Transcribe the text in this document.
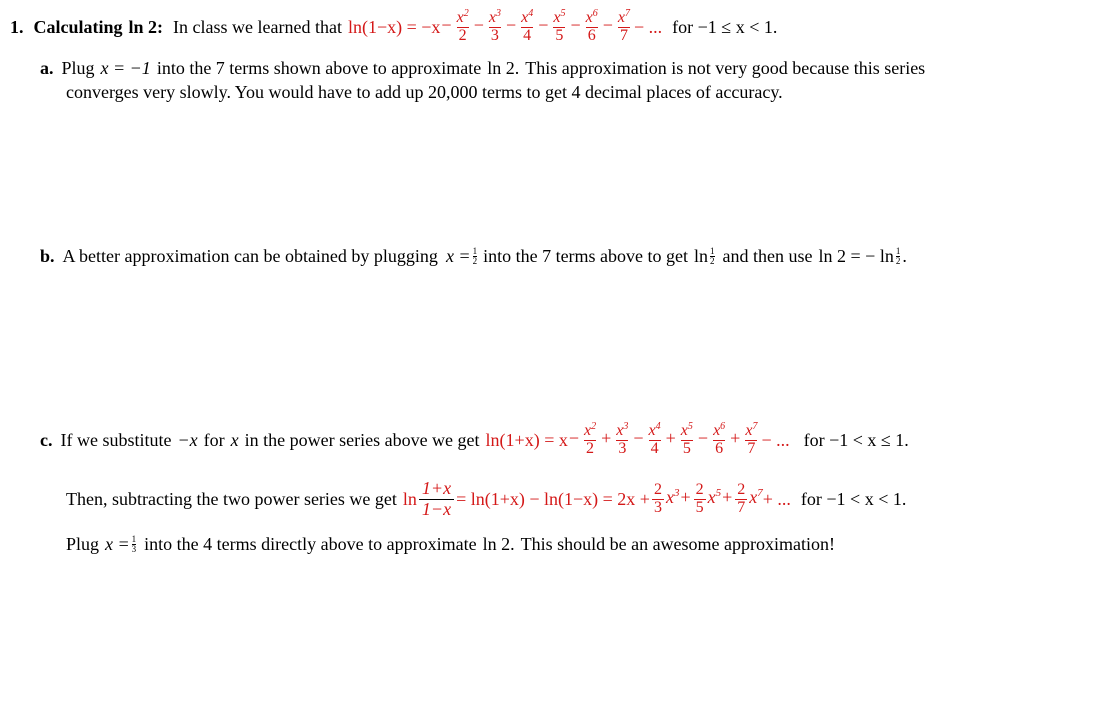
1. Calculating ln 2: In class we learned that $\ln(1-x) = -x - \frac{x^2}{2} - \frac{x^3}{3} - \frac{x^4}{4} - \frac{x^5}{5} - \frac{x^6}{6} - \frac{x^7}{7}$ − ... for −1 ≤ x < 1.
a. Plug x = −1 into the 7 terms shown above to approximate ln 2. This approximation is not very good because this series
converges very slowly. You would have to add up 20,000 terms to get 4 decimal places of accuracy.
b. A better approximation can be obtained by plugging $x = \frac{1}{2}$ into the 7 terms above to get $\ln \frac{1}{2}$ and then use ln 2 = − $\ln \frac{1}{2}$ .
c. If we substitute −x for x in the power series above we get $\ln(1+x) = x - \frac{x^2}{2} + \frac{x^3}{3} - \frac{x^4}{4} + \frac{x^5}{5} - \frac{x^6}{6} + \frac{x^7}{7}$ − ... for −1 < x ≤ 1.
Then, subtracting the two power series we get $\ln \frac{1+x}{1-x} = \ln(1+x) - \ln(1-x) = 2x + \frac{2}{3} x^3+ \frac{2}{5} x^5+ \frac{2}{7} x^7$ + ... for −1 < x < 1.
Plug $x = \frac{1}{3}$ into the 4 terms directly above to approximate ln 2. This should be an awesome approximation!
